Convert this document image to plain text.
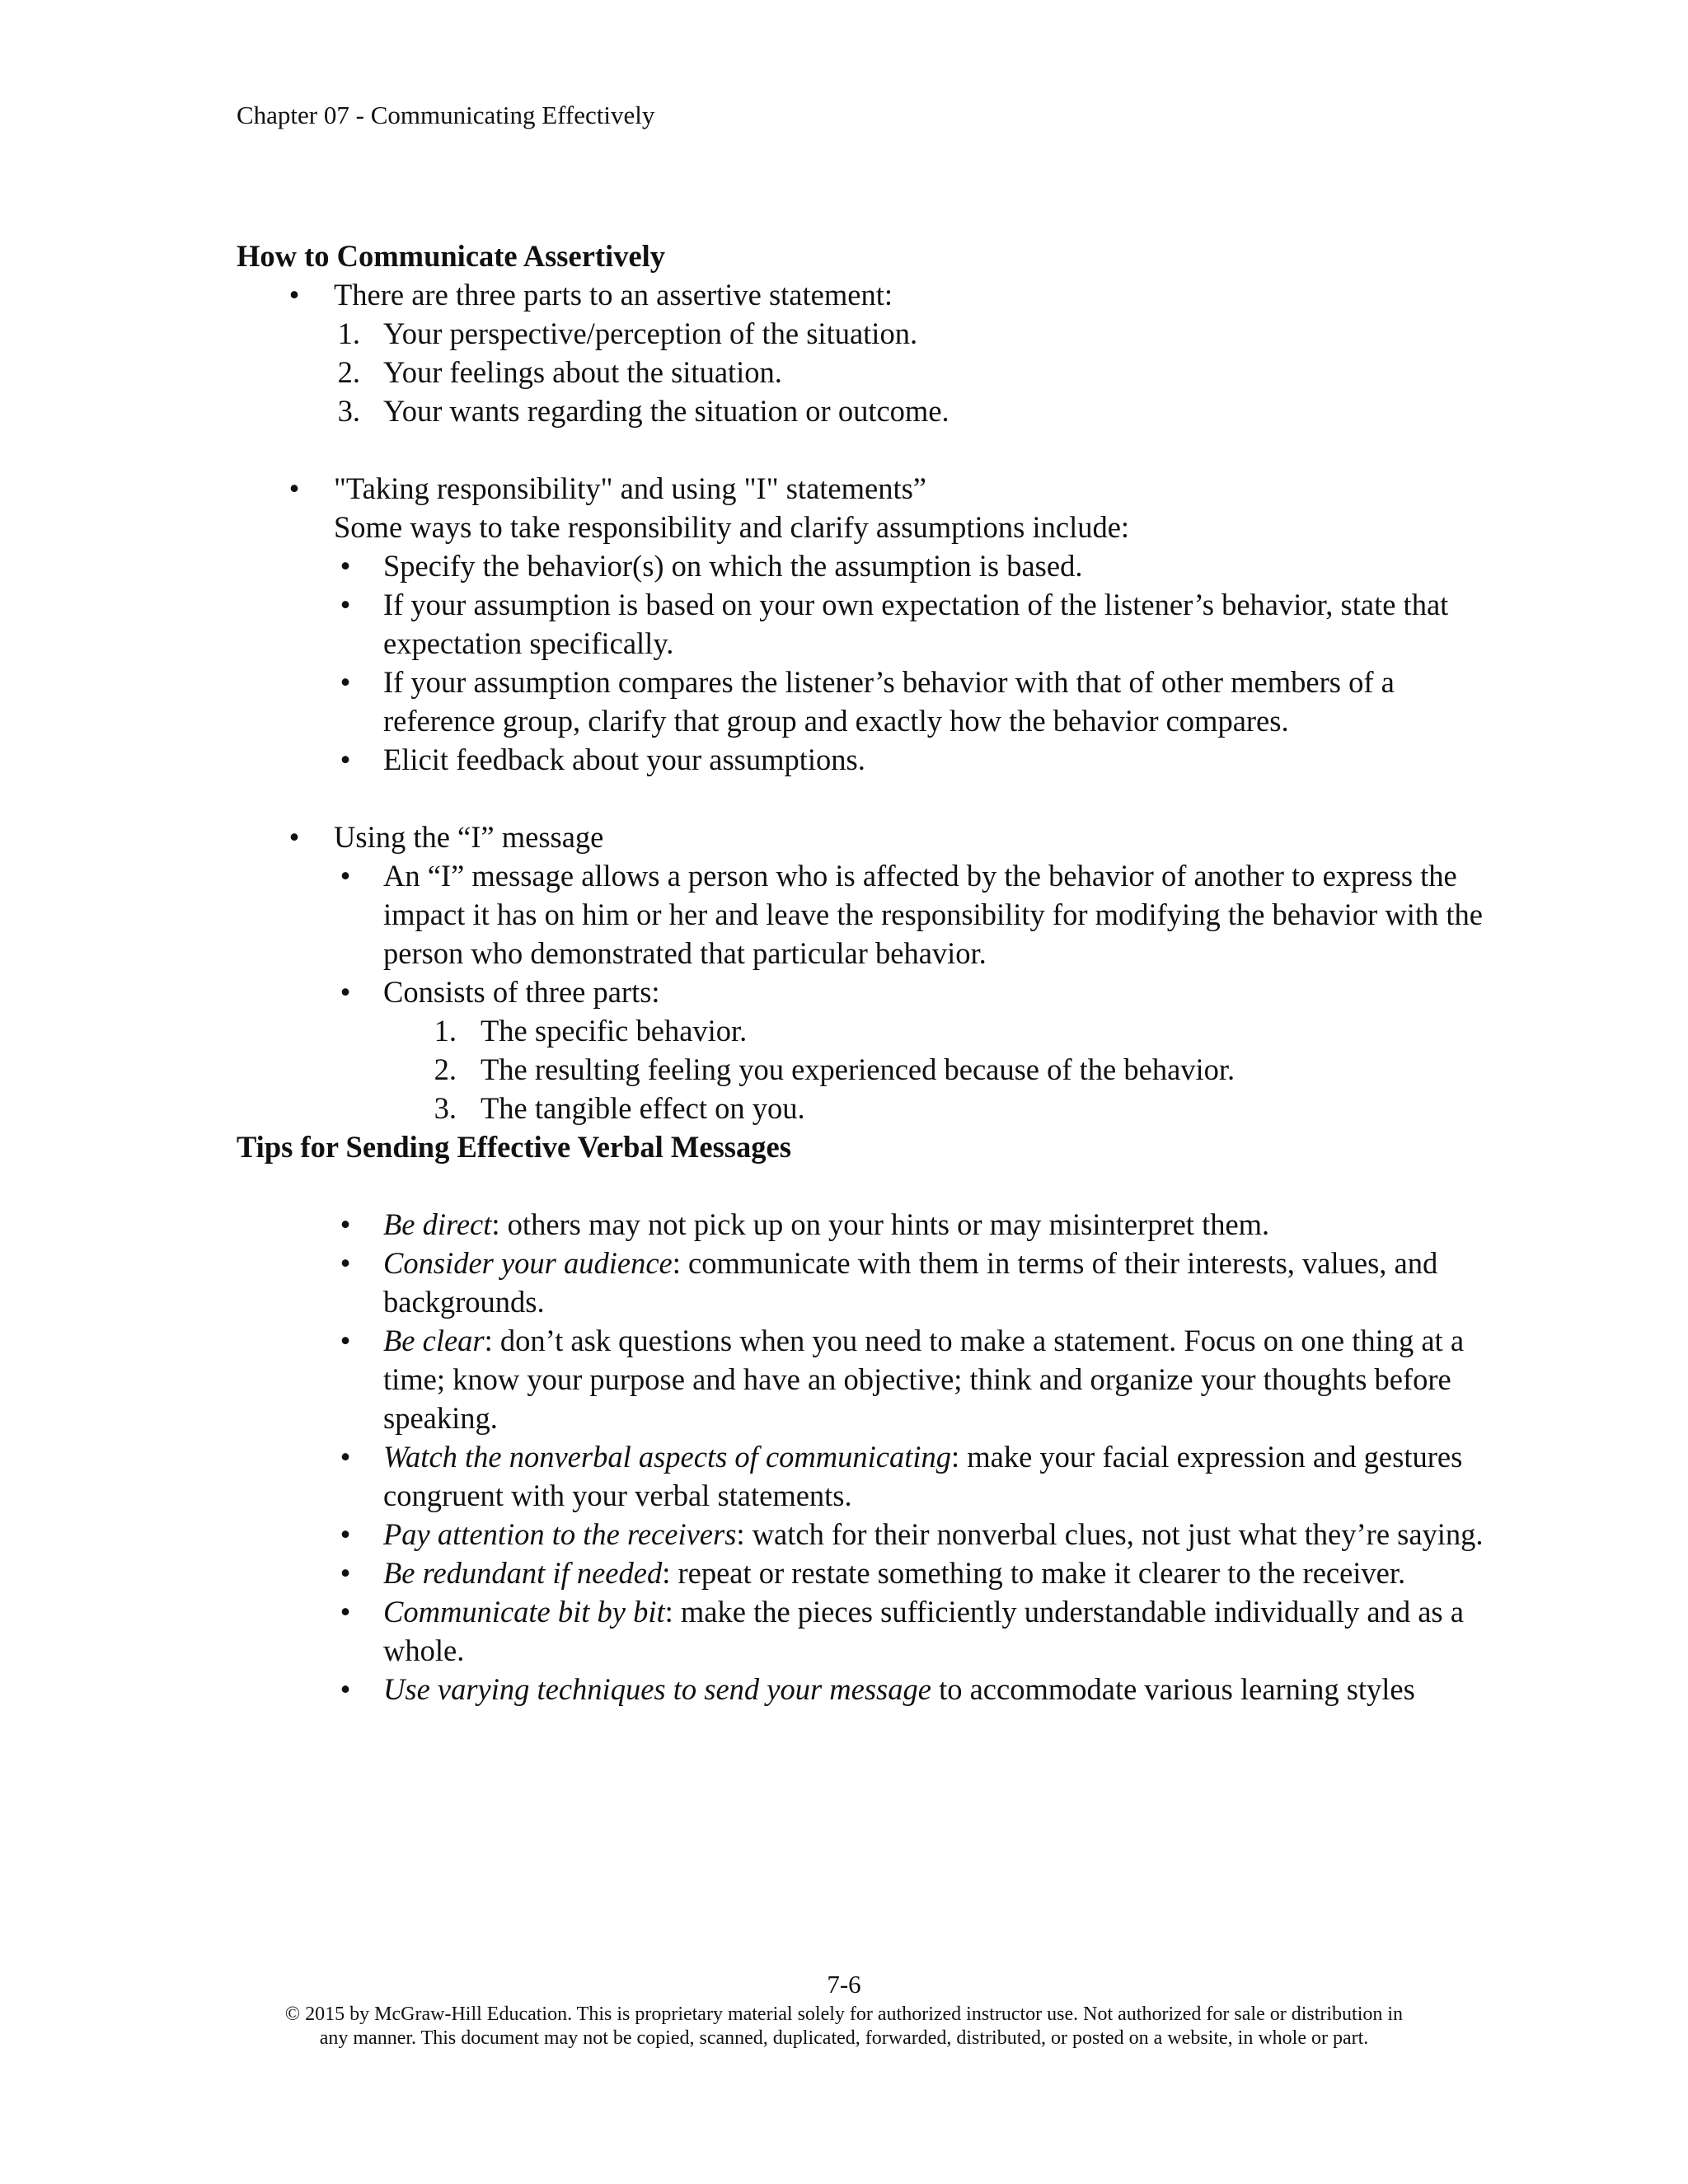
Chapter 07 - Communicating Effectively

How to Communicate Assertively

• There are three parts to an assertive statement:
1. Your perspective/perception of the situation.
2. Your feelings about the situation.
3. Your wants regarding the situation or outcome.
• "Taking responsibility" and using "I" statements”
Some ways to take responsibility and clarify assumptions include:
• Specify the behavior(s) on which the assumption is based.
• If your assumption is based on your own expectation of the listener’s behavior, state that expectation specifically.
• If your assumption compares the listener’s behavior with that of other members of a reference group, clarify that group and exactly how the behavior compares.
• Elicit feedback about your assumptions.
• Using the “I” message
• An “I” message allows a person who is affected by the behavior of another to express the impact it has on him or her and leave the responsibility for modifying the behavior with the person who demonstrated that particular behavior.
• Consists of three parts:
1. The specific behavior.
2. The resulting feeling you experienced because of the behavior.
3. The tangible effect on you.

Tips for Sending Effective Verbal Messages

• Be direct: others may not pick up on your hints or may misinterpret them.
• Consider your audience: communicate with them in terms of their interests, values, and backgrounds.
• Be clear: don’t ask questions when you need to make a statement. Focus on one thing at a time; know your purpose and have an objective; think and organize your thoughts before speaking.
• Watch the nonverbal aspects of communicating: make your facial expression and gestures congruent with your verbal statements.
• Pay attention to the receivers: watch for their nonverbal clues, not just what they’re saying.
• Be redundant if needed: repeat or restate something to make it clearer to the receiver.
• Communicate bit by bit: make the pieces sufficiently understandable individually and as a whole.
• Use varying techniques to send your message to accommodate various learning styles
7-6
© 2015 by McGraw-Hill Education. This is proprietary material solely for authorized instructor use. Not authorized for sale or distribution in
any manner. This document may not be copied, scanned, duplicated, forwarded, distributed, or posted on a website, in whole or part.
